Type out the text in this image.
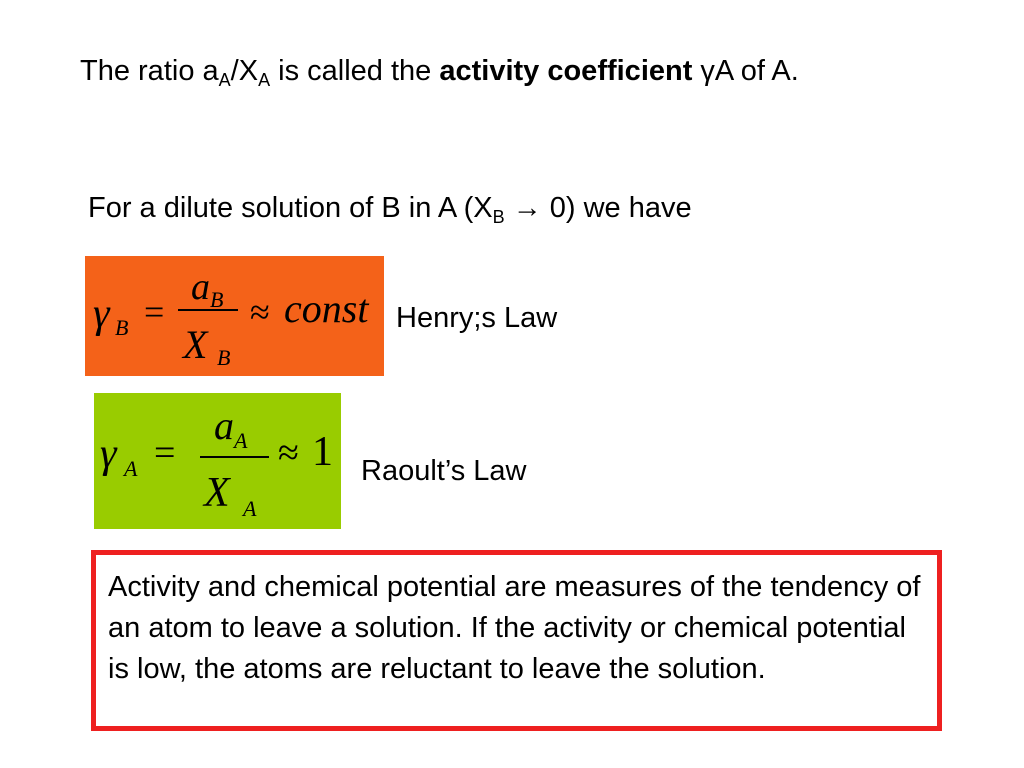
The ratio $a_A/X_A$ is called the activity coefficient γA of A.
For a dilute solution of B in A $(X_B \to 0)$ we have
γ B =
a B
X B
≈ const Henry;s Law
γ A =
a A
X A
≈ 1 Raoult’s Law

Activity and chemical potential are measures of the tendency of an atom to leave a solution. If the activity or chemical potential is low, the atoms are reluctant to leave the solution.
